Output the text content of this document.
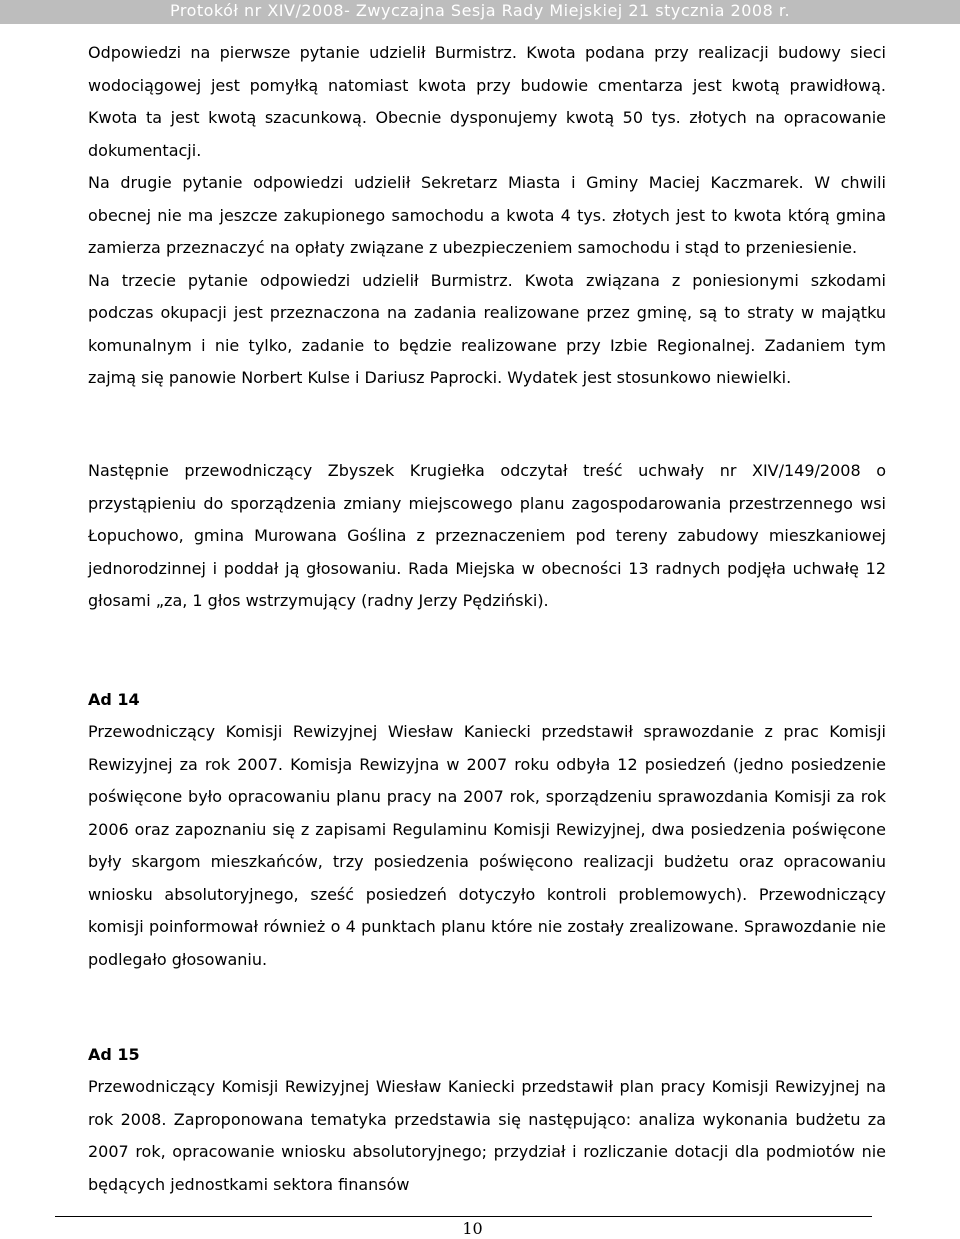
Protokół nr XIV/2008- Zwyczajna Sesja Rady Miejskiej 21 stycznia 2008 r.

Odpowiedzi na pierwsze pytanie udzielił Burmistrz. Kwota podana przy realizacji budowy sieci wodociągowej jest pomyłką natomiast kwota przy budowie cmentarza jest kwotą prawidłową. Kwota ta jest kwotą szacunkową. Obecnie dysponujemy kwotą 50 tys. złotych na opracowanie dokumentacji.

Na drugie pytanie odpowiedzi udzielił Sekretarz Miasta i Gminy Maciej Kaczmarek. W chwili obecnej nie ma jeszcze zakupionego samochodu a kwota 4 tys. złotych jest to kwota którą gmina zamierza przeznaczyć na opłaty związane z ubezpieczeniem samochodu i stąd to przeniesienie.

Na trzecie pytanie odpowiedzi udzielił Burmistrz. Kwota związana z poniesionymi szkodami podczas okupacji jest przeznaczona na zadania realizowane przez gminę, są to straty w majątku komunalnym i nie tylko, zadanie to będzie realizowane przy Izbie Regionalnej. Zadaniem tym zajmą się panowie Norbert Kulse i Dariusz Paprocki. Wydatek jest stosunkowo niewielki.

Następnie przewodniczący Zbyszek Krugiełka odczytał treść uchwały nr XIV/149/2008 o przystąpieniu do sporządzenia zmiany miejscowego planu zagospodarowania przestrzennego wsi Łopuchowo, gmina Murowana Goślina z przeznaczeniem pod tereny zabudowy mieszkaniowej jednorodzinnej i poddał ją głosowaniu. Rada Miejska w obecności 13 radnych podjęła uchwałę 12 głosami „za, 1 głos wstrzymujący (radny Jerzy Pędziński).

Ad 14

Przewodniczący Komisji Rewizyjnej Wiesław Kaniecki przedstawił sprawozdanie z prac Komisji Rewizyjnej za rok 2007. Komisja Rewizyjna w 2007 roku odbyła 12 posiedzeń (jedno posiedzenie poświęcone było opracowaniu planu pracy na 2007 rok, sporządzeniu sprawozdania Komisji za rok 2006 oraz zapoznaniu się z zapisami Regulaminu Komisji Rewizyjnej, dwa posiedzenia poświęcone były skargom mieszkańców, trzy posiedzenia poświęcono realizacji budżetu oraz opracowaniu wniosku absolutoryjnego, sześć posiedzeń dotyczyło kontroli problemowych). Przewodniczący komisji poinformował również o 4 punktach planu które nie zostały zrealizowane. Sprawozdanie nie podlegało głosowaniu.

Ad 15

Przewodniczący Komisji Rewizyjnej Wiesław Kaniecki przedstawił plan pracy Komisji Rewizyjnej na rok 2008. Zaproponowana tematyka przedstawia się następująco: analiza wykonania budżetu za 2007 rok, opracowanie wniosku absolutoryjnego; przydział i rozliczanie dotacji dla podmiotów nie będących jednostkami sektora finansów

10
